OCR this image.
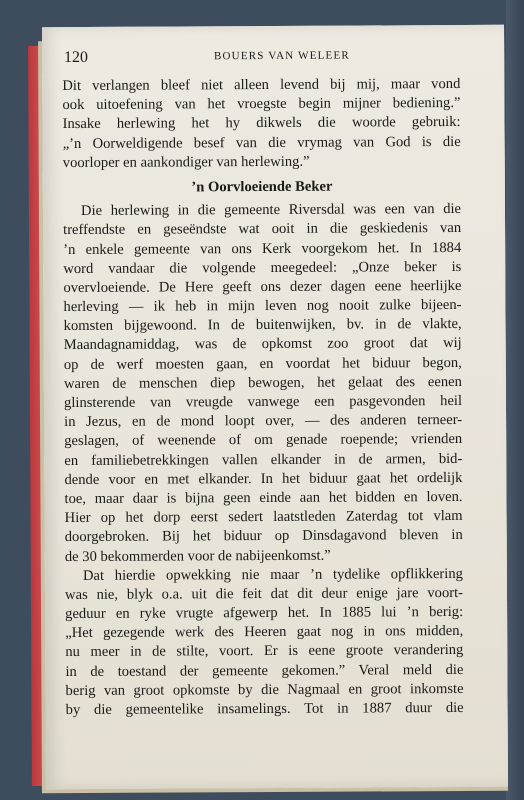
120	BOUERS VAN WELEER
Dit verlangen bleef niet alleen levend bij mij, maar vond
ook uitoefening van het vroegste begin mijner bediening.”
Insake herlewing het hy dikwels die woorde gebruik:
„’n Oorweldigende besef van die vrymag van God is die
voorloper en aankondiger van herlewing.”
’n Oorvloeiende Beker
Die herlewing in die gemeente Riversdal was een van die
treffendste en geseëndste wat ooit in die geskiedenis van
’n enkele gemeente van ons Kerk voorgekom het. In 1884
word vandaar die volgende meegedeel: „Onze beker is
overvloeiende. De Here geeft ons dezer dagen eene heerlijke
herleving — ik heb in mijn leven nog nooit zulke bijeen-
komsten bijgewoond. In de buitenwijken, bv. in de vlakte,
Maandagnamiddag, was de opkomst zoo groot dat wij
op de werf moesten gaan, en voordat het biduur begon,
waren de menschen diep bewogen, het gelaat des eenen
glinsterende van vreugde vanwege een pasgevonden heil
in Jezus, en de mond loopt over, — des anderen terneer-
geslagen, of weenende of om genade roepende; vrienden
en familiebetrekkingen vallen elkander in de armen, bid-
dende voor en met elkander. In het biduur gaat het ordelijk
toe, maar daar is bijna geen einde aan het bidden en loven.
Hier op het dorp eerst sedert laatstleden Zaterdag tot vlam
doorgebroken. Bij het biduur op Dinsdagavond bleven in
de 30 bekommerden voor de nabijeenkomst.”
Dat hierdie opwekking nie maar ’n tydelike opflikkering
was nie, blyk o.a. uit die feit dat dit deur enige jare voort-
geduur en ryke vrugte afgewerp het. In 1885 lui ’n berig:
„Het gezegende werk des Heeren gaat nog in ons midden,
nu meer in de stilte, voort. Er is eene groote verandering
in de toestand der gemeente gekomen.” Veral meld die
berig van groot opkomste by die Nagmaal en groot inkomste
by die gemeentelike insamelings. Tot in 1887 duur die
